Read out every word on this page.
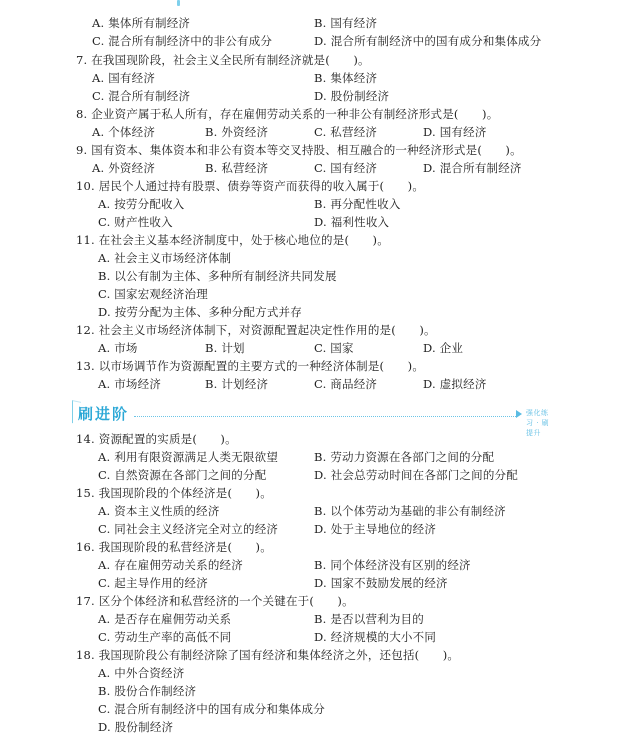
A. 集体所有制经济	B. 国有经济
C. 混合所有制经济中的非公有成分	D. 混合所有制经济中的国有成分和集体成分
7. 在我国现阶段，社会主义全民所有制经济就是(　　)。
A. 国有经济	B. 集体经济
C. 混合所有制经济	D. 股份制经济
8. 企业资产属于私人所有，存在雇佣劳动关系的一种非公有制经济形式是(　　)。
A. 个体经济	B. 外资经济	C. 私营经济	D. 国有经济
9. 国有资本、集体资本和非公有资本等交叉持股、相互融合的一种经济形式是(　　)。
A. 外资经济	B. 私营经济	C. 国有经济	D. 混合所有制经济
10. 居民个人通过持有股票、债券等资产而获得的收入属于(　　)。
A. 按劳分配收入	B. 再分配性收入
C. 财产性收入	D. 福利性收入
11. 在社会主义基本经济制度中，处于核心地位的是(　　)。
A. 社会主义市场经济体制
B. 以公有制为主体、多种所有制经济共同发展
C. 国家宏观经济治理
D. 按劳分配为主体、多种分配方式并存
12. 社会主义市场经济体制下，对资源配置起决定性作用的是(　　)。
A. 市场	B. 计划	C. 国家	D. 企业
13. 以市场调节作为资源配置的主要方式的一种经济体制是(　　)。
A. 市场经济	B. 计划经济	C. 商品经济	D. 虚拟经济
刷进阶	强化练习 · 刷提升
14. 资源配置的实质是(　　)。
A. 利用有限资源满足人类无限欲望	B. 劳动力资源在各部门之间的分配
C. 自然资源在各部门之间的分配	D. 社会总劳动时间在各部门之间的分配
15. 我国现阶段的个体经济是(　　)。
A. 资本主义性质的经济	B. 以个体劳动为基础的非公有制经济
C. 同社会主义经济完全对立的经济	D. 处于主导地位的经济
16. 我国现阶段的私营经济是(　　)。
A. 存在雇佣劳动关系的经济	B. 同个体经济没有区别的经济
C. 起主导作用的经济	D. 国家不鼓励发展的经济
17. 区分个体经济和私营经济的一个关键在于(　　)。
A. 是否存在雇佣劳动关系	B. 是否以营利为目的
C. 劳动生产率的高低不同	D. 经济规模的大小不同
18. 我国现阶段公有制经济除了国有经济和集体经济之外，还包括(　　)。
A. 中外合资经济
B. 股份合作制经济
C. 混合所有制经济中的国有成分和集体成分
D. 股份制经济
